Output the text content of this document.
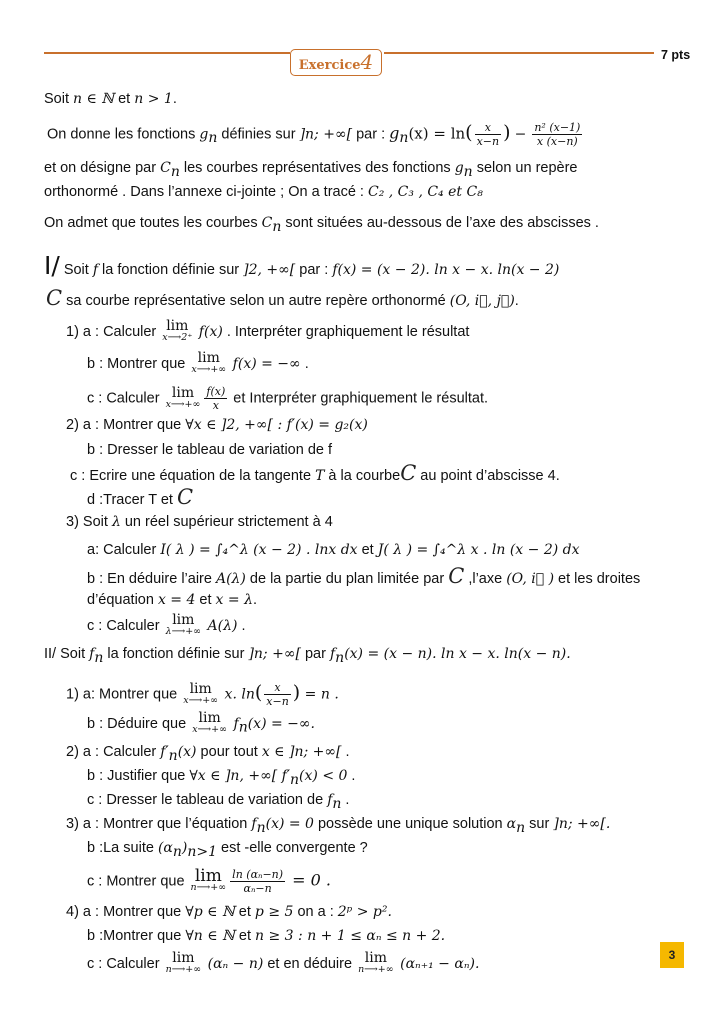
Exercice4	7 pts
Soit n ∈ ℕ et n > 1.
On donne les fonctions $g_n$ définies sur ]n; +∞[ par : $g_n(x) = \ln( \frac{x}{x-n}$ ) − $\frac{\text{n² (x−1)}}{x (x-n)}$
et on désigne par $C_n$ les courbes représentatives des fonctions $g_n$ selon un repère
orthonormé . Dans l’annexe ci-jointe ; On a tracé : C₂ , C₃ , C₄ et C₈
On admet que toutes les courbes $C_n$ sont situées au-dessous de l’axe des abscisses .
I/ Soit f la fonction définie sur ]2, +∞[ par : f(x) = (x − 2). ln x − x. ln(x − 2)
C sa courbe représentative selon un autre repère orthonormé (O, i⃗, j⃗).
1) a : Calculer lim
x⟶2⁺ f(x) . Interpréter graphiquement le résultat
b : Montrer que lim
x⟶+∞ f(x) = −∞ .
c : Calculer lim
x⟶+∞ $\frac{f(x)}{x}$ et Interpréter graphiquement le résultat.
2) a : Montrer que ∀x ∈ ]2, +∞[ : f′(x) = g₂(x)
b : Dresser le tableau de variation de f
c : Ecrire une équation de la tangente T à la courbeC au point d’abscisse 4.
d :Tracer T et C
3) Soit λ un réel supérieur strictement à 4
a: Calculer I( λ ) = ∫₄^λ (x − 2) . lnx dx et J( λ ) = ∫₄^λ x . ln (x − 2) dx
b : En déduire l’aire A(λ) de la partie du plan limitée par C ,l’axe (O, i⃗ ) et les droites
d’équation x = 4 et x = λ.
c : Calculer lim
λ⟶+∞ A(λ) .
II/ Soit $f_n$ la fonction définie sur ]n; +∞[ par $f_n(x) = (x - n)$. ln x − x. ln(x − n).
1) a: Montrer que lim
x⟶+∞ x. $\ln( \frac{x}{x-n}$ ) = n .
b : Déduire que lim
x⟶+∞ $f_n(x)$ = −∞.
2) a : Calculer $f'_n(x)$ pour tout x ∈ ]n; +∞[ .
b : Justifier que ∀x ∈ ]n, +∞[ $f'_n(x) < 0$ .
c : Dresser le tableau de variation de $f_n$ .
3) a : Montrer que l’équation $f_n(x) = 0$ possède une unique solution $\alpha_n$ sur ]n; +∞[.
b :La suite $(\alpha_n)_{n>1}$ est -elle convergente ?
c : Montrer que lim
n⟶+∞ $\frac{\text{ln (αₙ−n)}}{\text{αₙ−n}} = 0$ .
4) a : Montrer que ∀p ∈ ℕ et p ≥ 5 on a : 2ᵖ > p².
b :Montrer que ∀n ∈ ℕ et n ≥ 3 : n + 1 ≤ αₙ ≤ n + 2.
c : Calculer lim
n⟶+∞ (αₙ − n) et en déduire lim
n⟶+∞ (αₙ₊₁ − αₙ).
3
